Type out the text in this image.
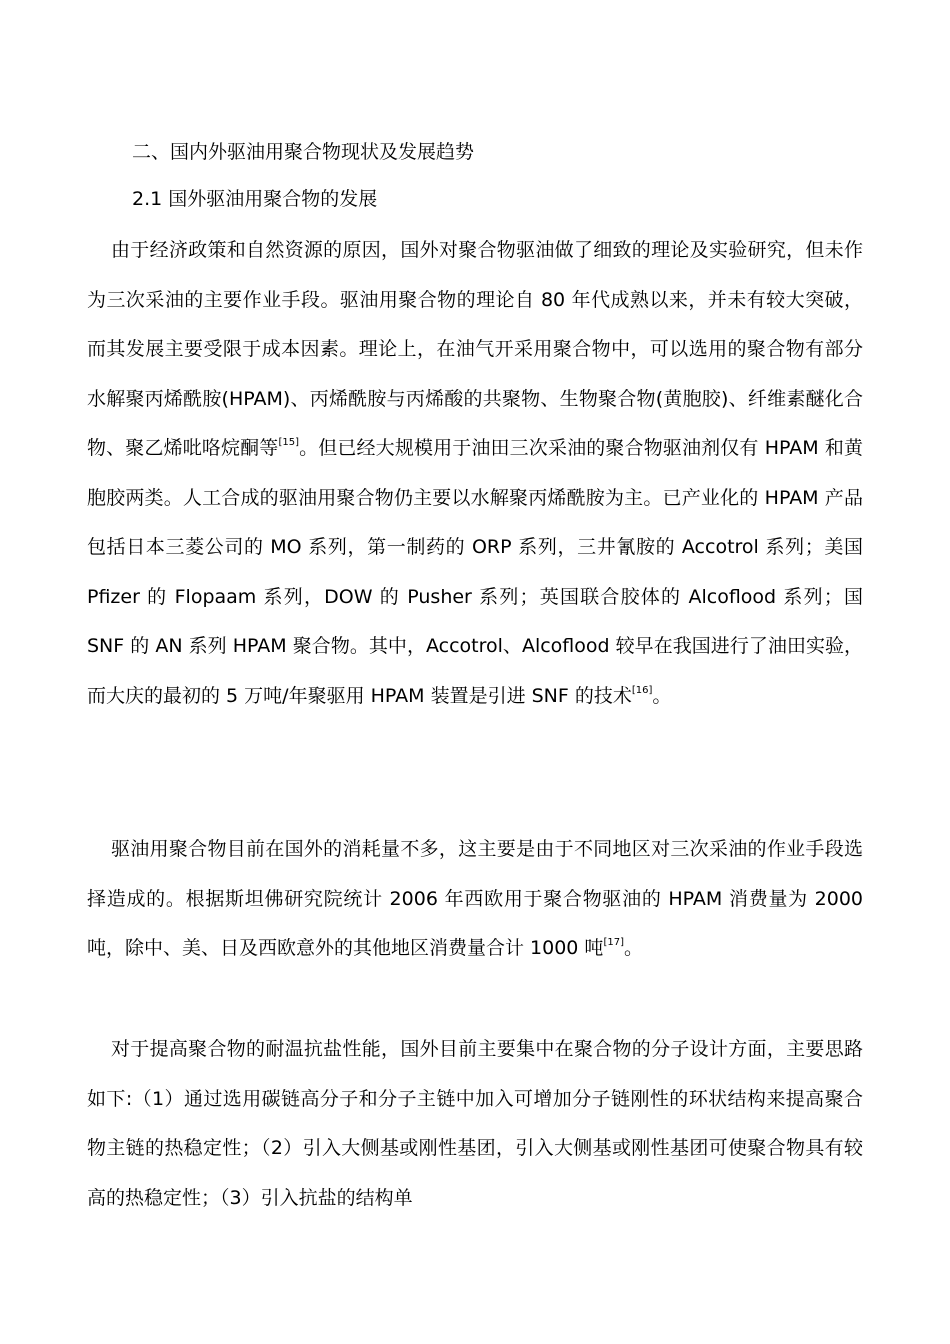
二、国内外驱油用聚合物现状及发展趋势
2.1 国外驱油用聚合物的发展

由于经济政策和自然资源的原因，国外对聚合物驱油做了细致的理论及实验研究，但未作为三次采油的主要作业手段。驱油用聚合物的理论自 80 年代成熟以来，并未有较大突破，而其发展主要受限于成本因素。理论上，在油气开采用聚合物中，可以选用的聚合物有部分水解聚丙烯酰胺(HPAM)、丙烯酰胺与丙烯酸的共聚物、生物聚合物(黄胞胶)、纤维素醚化合物、聚乙烯吡咯烷酮等[15]。但已经大规模用于油田三次采油的聚合物驱油剂仅有 HPAM 和黄胞胶两类。人工合成的驱油用聚合物仍主要以水解聚丙烯酰胺为主。已产业化的 HPAM 产品包括日本三菱公司的 MO 系列，第一制药的 ORP 系列，三井氰胺的 Accotrol 系列；美国 Pfizer 的 Flopaam 系列，DOW 的 Pusher 系列；英国联合胶体的 Alcoflood 系列；国 SNF 的 AN 系列 HPAM 聚合物。其中，Accotrol、Alcoflood 较早在我国进行了油田实验，而大庆的最初的 5 万吨/年聚驱用 HPAM 装置是引进 SNF 的技术[16]。

驱油用聚合物目前在国外的消耗量不多，这主要是由于不同地区对三次采油的作业手段选择造成的。根据斯坦佛研究院统计 2006 年西欧用于聚合物驱油的 HPAM 消费量为 2000 吨，除中、美、日及西欧意外的其他地区消费量合计 1000 吨[17]。

对于提高聚合物的耐温抗盐性能，国外目前主要集中在聚合物的分子设计方面，主要思路如下:（1）通过选用碳链高分子和分子主链中加入可增加分子链刚性的环状结构来提高聚合物主链的热稳定性；（2）引入大侧基或刚性基团，引入大侧基或刚性基团可使聚合物具有较高的热稳定性；（3）引入抗盐的结构单
